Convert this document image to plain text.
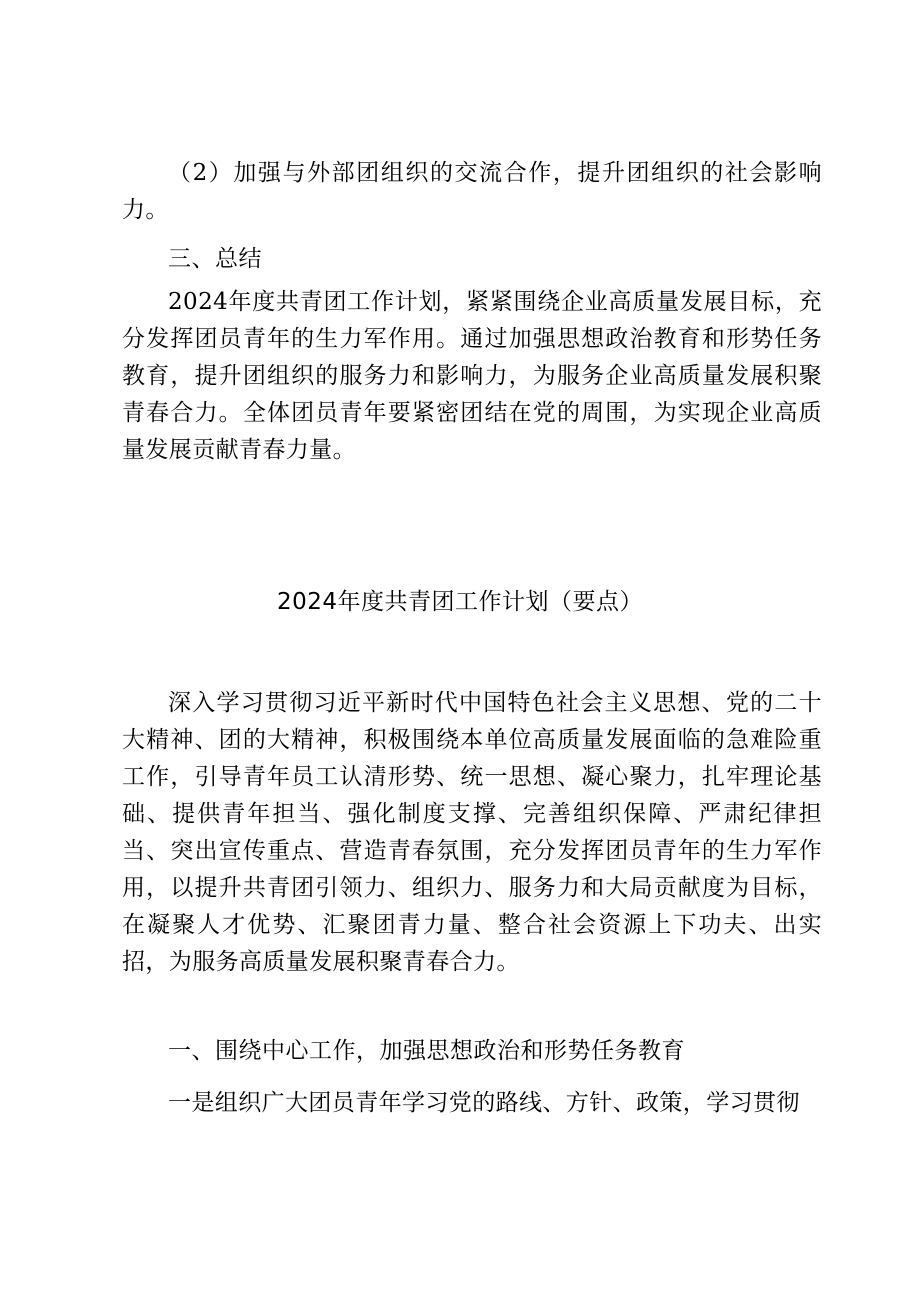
（2）加强与外部团组织的交流合作，提升团组织的社会影响力。

三、总结

2024年度共青团工作计划，紧紧围绕企业高质量发展目标，充分发挥团员青年的生力军作用。通过加强思想政治教育和形势任务教育，提升团组织的服务力和影响力，为服务企业高质量发展积聚青春合力。全体团员青年要紧密团结在党的周围，为实现企业高质量发展贡献青春力量。

2024年度共青团工作计划（要点）

深入学习贯彻习近平新时代中国特色社会主义思想、党的二十大精神、团的大精神，积极围绕本单位高质量发展面临的急难险重工作，引导青年员工认清形势、统一思想、凝心聚力，扎牢理论基础、提供青年担当、强化制度支撑、完善组织保障、严肃纪律担当、突出宣传重点、营造青春氛围，充分发挥团员青年的生力军作用，以提升共青团引领力、组织力、服务力和大局贡献度为目标，在凝聚人才优势、汇聚团青力量、整合社会资源上下功夫、出实招，为服务高质量发展积聚青春合力。

一、围绕中心工作，加强思想政治和形势任务教育

一是组织广大团员青年学习党的路线、方针、政策，学习贯彻
